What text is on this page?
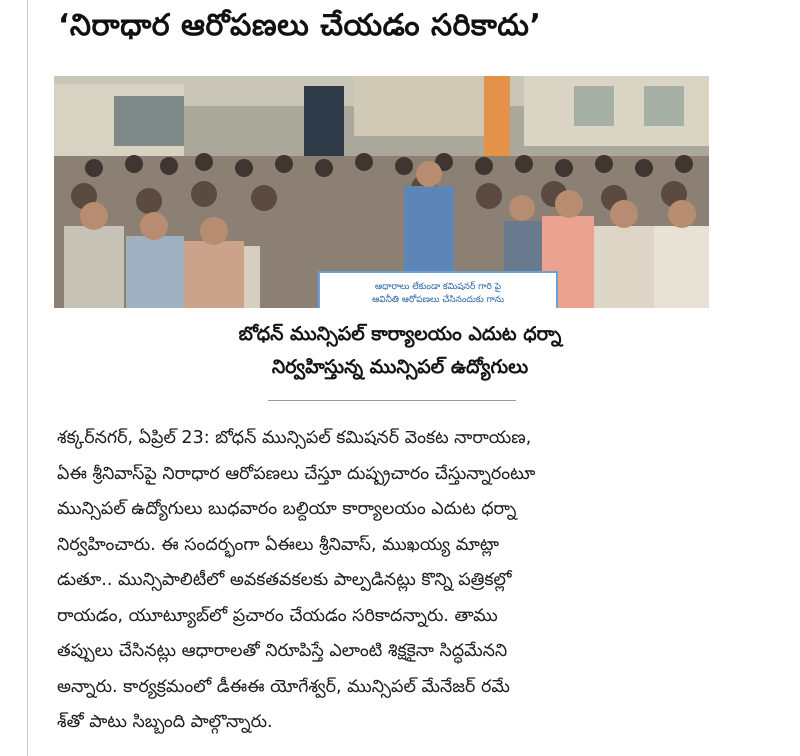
‘నిరాధార ఆరోపణలు చేయడం సరికాదు’
ఆధారాలు లేకుండా కమిషనర్ గారి పై
ఆవినీతి ఆరోపణలు చేసినందుకు గాను
బోధన్ మున్సిపల్ కార్యాలయం ఎదుట ధర్నా
నిర్వహిస్తున్న మున్సిపల్ ఉద్యోగులు
శక్కర్‌నగర్, ఏప్రిల్ 23: బోధన్ మున్సిపల్ కమిషనర్ వెంకట నారాయణ,
ఏఈ శ్రీనివాస్‌పై నిరాధార ఆరోపణలు చేస్తూ దుష్ప్రచారం చేస్తున్నారంటూ
మున్సిపల్ ఉద్యోగులు బుధవారం బల్దియా కార్యాలయం ఎదుట ధర్నా
నిర్వహించారు. ఈ సందర్భంగా ఏఈలు శ్రీనివాస్, ముఖయ్య మాట్లా
డుతూ.. మున్సిపాలిటీలో అవకతవకలకు పాల్పడినట్లు కొన్ని పత్రికల్లో
రాయడం, యూట్యూబ్‌లో ప్రచారం చేయడం సరికాదన్నారు. తాము
తప్పులు చేసినట్లు ఆధారాలతో నిరూపిస్తే ఎలాంటి శిక్షకైనా సిద్ధమేనని
అన్నారు. కార్యక్రమంలో డీఈఈ యోగేశ్వర్, మున్సిపల్ మేనేజర్ రమే
శ్‌తో పాటు సిబ్బంది పాల్గొన్నారు.
